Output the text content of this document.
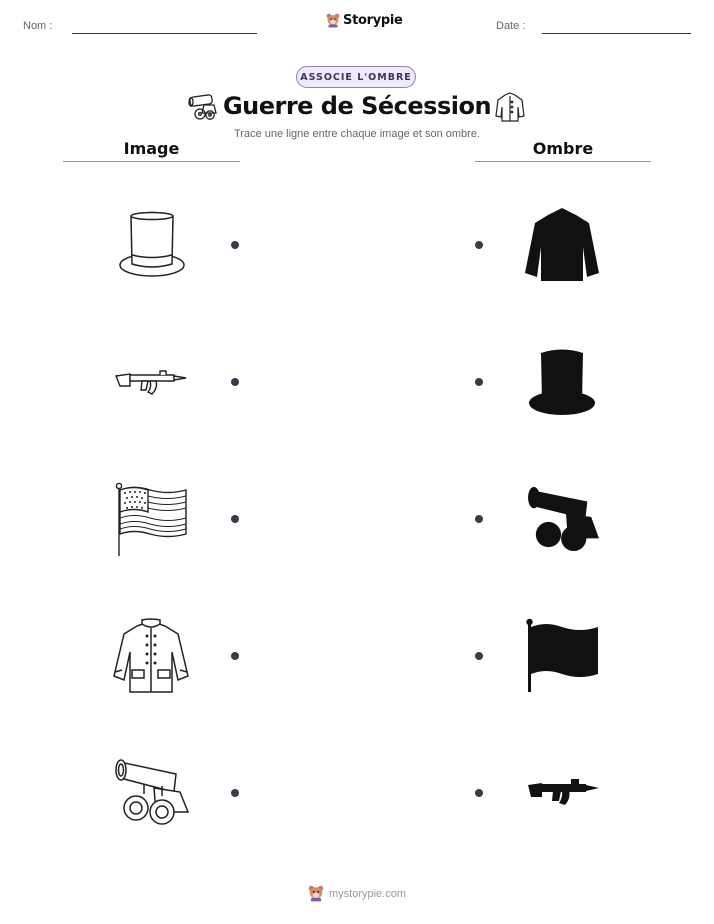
Nom :	Storypie	Date :
ASSOCIE L'OMBRE
Guerre de Sécession
Trace une ligne entre chaque image et son ombre.
Image	Ombre
mystorypie.com
